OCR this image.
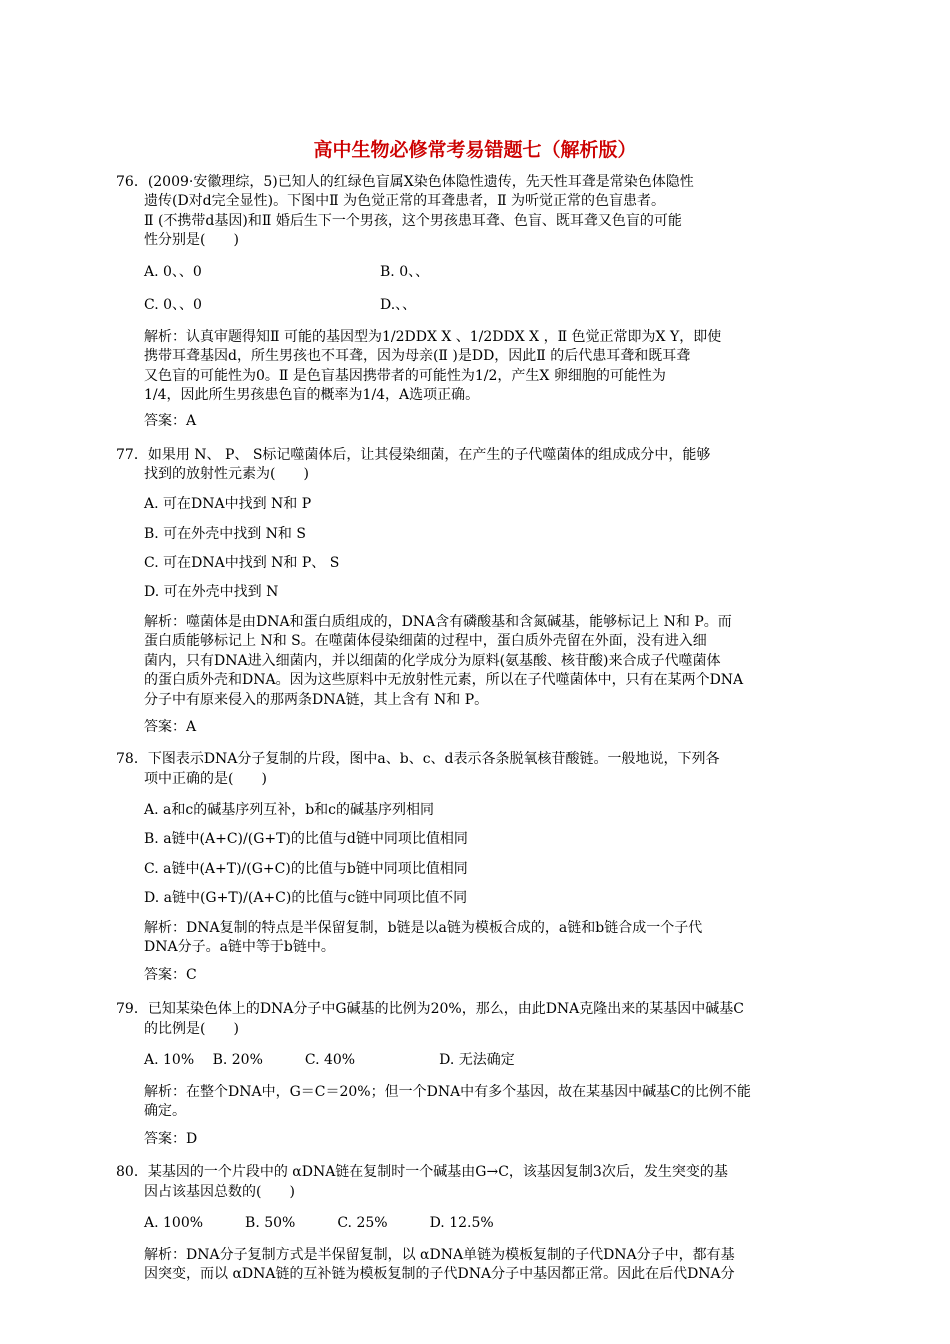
高中生物必修常考易错题七（解析版）
76．(2009·安徽理综，5)已知人的红绿色盲属X染色体隐性遗传，先天性耳聋是常染色体隐性
遗传(D对d完全显性)。下图中Ⅱ 为色觉正常的耳聋患者，Ⅱ 为听觉正常的色盲患者。
Ⅱ (不携带d基因)和Ⅱ 婚后生下一个男孩，这个男孩患耳聋、色盲、既耳聋又色盲的可能
性分别是(　　)
A. 0、、0	B. 0、、
C. 0、、0	D.、、
解析：认真审题得知Ⅱ 可能的基因型为1/2DDX X 、1/2DDX X ，Ⅱ 色觉正常即为X Y，即使
携带耳聋基因d，所生男孩也不耳聋，因为母亲(Ⅱ )是DD，因此Ⅱ 的后代患耳聋和既耳聋
又色盲的可能性为0。Ⅱ 是色盲基因携带者的可能性为1/2，产生X 卵细胞的可能性为
1/4，因此所生男孩患色盲的概率为1/4，A选项正确。
答案：A
77．如果用 N、 P、 S标记噬菌体后，让其侵染细菌，在产生的子代噬菌体的组成成分中，能够
找到的放射性元素为(　　)
A. 可在DNA中找到 N和 P
B. 可在外壳中找到 N和 S
C. 可在DNA中找到 N和 P、 S
D. 可在外壳中找到 N
解析：噬菌体是由DNA和蛋白质组成的，DNA含有磷酸基和含氮碱基，能够标记上 N和 P。而
蛋白质能够标记上 N和 S。在噬菌体侵染细菌的过程中，蛋白质外壳留在外面，没有进入细
菌内，只有DNA进入细菌内，并以细菌的化学成分为原料(氨基酸、核苷酸)来合成子代噬菌体
的蛋白质外壳和DNA。因为这些原料中无放射性元素，所以在子代噬菌体中，只有在某两个DNA
分子中有原来侵入的那两条DNA链，其上含有 N和 P。
答案：A
78．下图表示DNA分子复制的片段，图中a、b、c、d表示各条脱氧核苷酸链。一般地说，下列各
项中正确的是(　　)
A. a和c的碱基序列互补，b和c的碱基序列相同
B. a链中(A+C)/(G+T)的比值与d链中同项比值相同
C. a链中(A+T)/(G+C)的比值与b链中同项比值相同
D. a链中(G+T)/(A+C)的比值与c链中同项比值不同
解析：DNA复制的特点是半保留复制，b链是以a链为模板合成的，a链和b链合成一个子代
DNA分子。a链中等于b链中。
答案：C
79．已知某染色体上的DNA分子中G碱基的比例为20%，那么，由此DNA克隆出来的某基因中碱基C
的比例是(　　)
A. 10%　 B. 20%　　　C. 40%　　　　　　D. 无法确定
解析：在整个DNA中，G＝C＝20%；但一个DNA中有多个基因，故在某基因中碱基C的比例不能
确定。
答案：D
80．某基因的一个片段中的 αDNA链在复制时一个碱基由G→C，该基因复制3次后，发生突变的基
因占该基因总数的(　　)
A. 100%　　　B. 50%　　　C. 25%　　　D. 12.5%
解析：DNA分子复制方式是半保留复制，以 αDNA单链为模板复制的子代DNA分子中，都有基
因突变，而以 αDNA链的互补链为模板复制的子代DNA分子中基因都正常。因此在后代DNA分
